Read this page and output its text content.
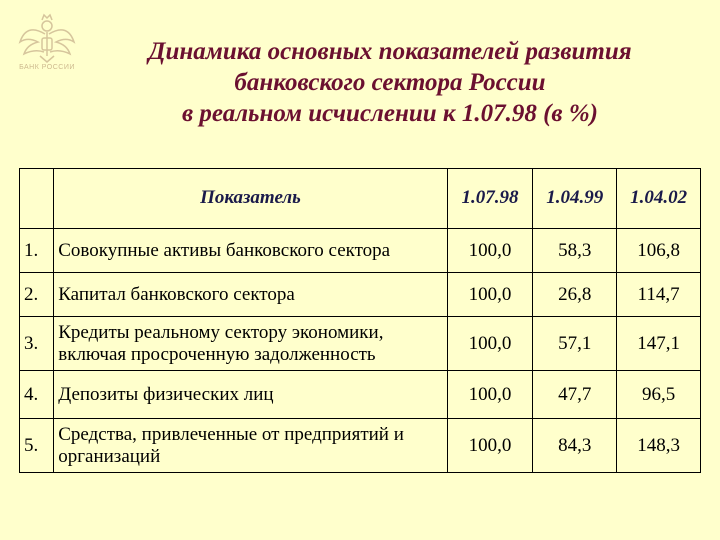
БАНК РОССИИ
Динамика основных показателей развития
банковского сектора России
в реальном исчислении к 1.07.98 (в %)
	Показатель	1.07.98	1.04.99	1.04.02
1.	Совокупные активы банковского сектора	100,0	58,3	106,8
2.	Капитал банковского сектора	100,0	26,8	114,7
3.	Кредиты реальному сектору экономики, включая просроченную задолженность	100,0	57,1	147,1
4.	Депозиты физических лиц	100,0	47,7	96,5
5.	Средства, привлеченные от предприятий и организаций	100,0	84,3	148,3
